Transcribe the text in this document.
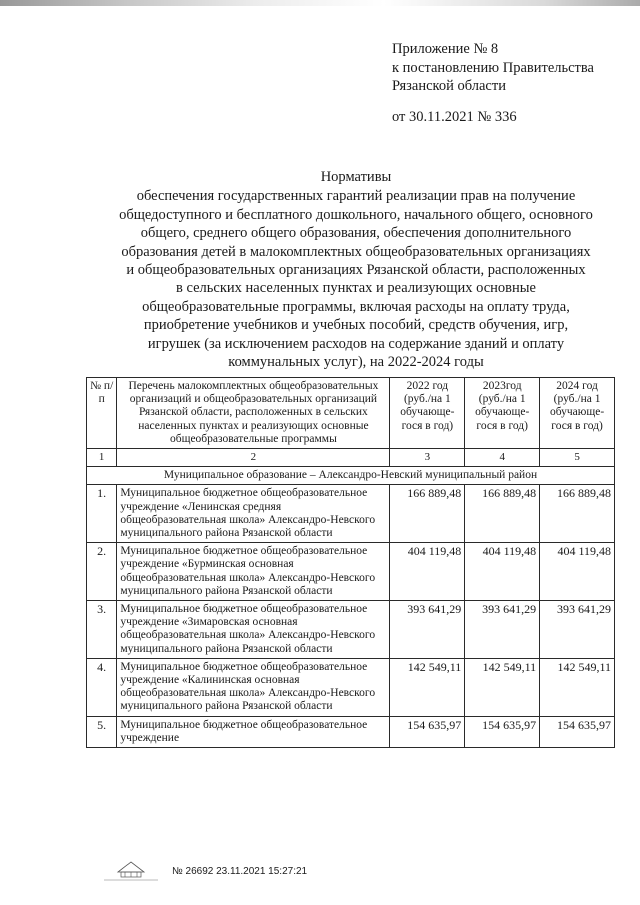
Приложение № 8
к постановлению Правительства
Рязанской области
от 30.11.2021 № 336
Нормативы
обеспечения государственных гарантий реализации прав на получение
общедоступного и бесплатного дошкольного, начального общего, основного
общего, среднего общего образования, обеспечения дополнительного
образования детей в малокомплектных общеобразовательных организациях
и общеобразовательных организациях Рязанской области, расположенных
в сельских населенных пунктах и реализующих основные
общеобразовательные программы, включая расходы на оплату труда,
приобретение учебников и учебных пособий, средств обучения, игр,
игрушек (за исключением расходов на содержание зданий и оплату
коммунальных услуг), на 2022-2024 годы
№ п/п	Перечень малокомплектных общеобразовательных организаций и общеобразовательных организаций Рязанской области, расположенных в сельских населенных пунктах и реализующих основные общеобразовательные программы	2022 год (руб./на 1 обучающе-гося в год)	2023год (руб./на 1 обучающе-гося в год)	2024 год (руб./на 1 обучающе-гося в год)
1	2	3	4	5
Муниципальное образование – Александро-Невский муниципальный район				
1.	Муниципальное бюджетное общеобразовательное учреждение «Ленинская средняя общеобразовательная школа» Александро-Невского муниципального района Рязанской области	166 889,48	166 889,48	166 889,48
2.	Муниципальное бюджетное общеобразовательное учреждение «Бурминская основная общеобразовательная школа» Александро-Невского муниципального района Рязанской области	404 119,48	404 119,48	404 119,48
3.	Муниципальное бюджетное общеобразовательное учреждение «Зимаровская основная общеобразовательная школа» Александро-Невского муниципального района Рязанской области	393 641,29	393 641,29	393 641,29
4.	Муниципальное бюджетное общеобразовательное учреждение «Калининская основная общеобразовательная школа» Александро-Невского муниципального района Рязанской области	142 549,11	142 549,11	142 549,11
5.	Муниципальное бюджетное общеобразовательное учреждение	154 635,97	154 635,97	154 635,97
№ 26692 23.11.2021 15:27:21
